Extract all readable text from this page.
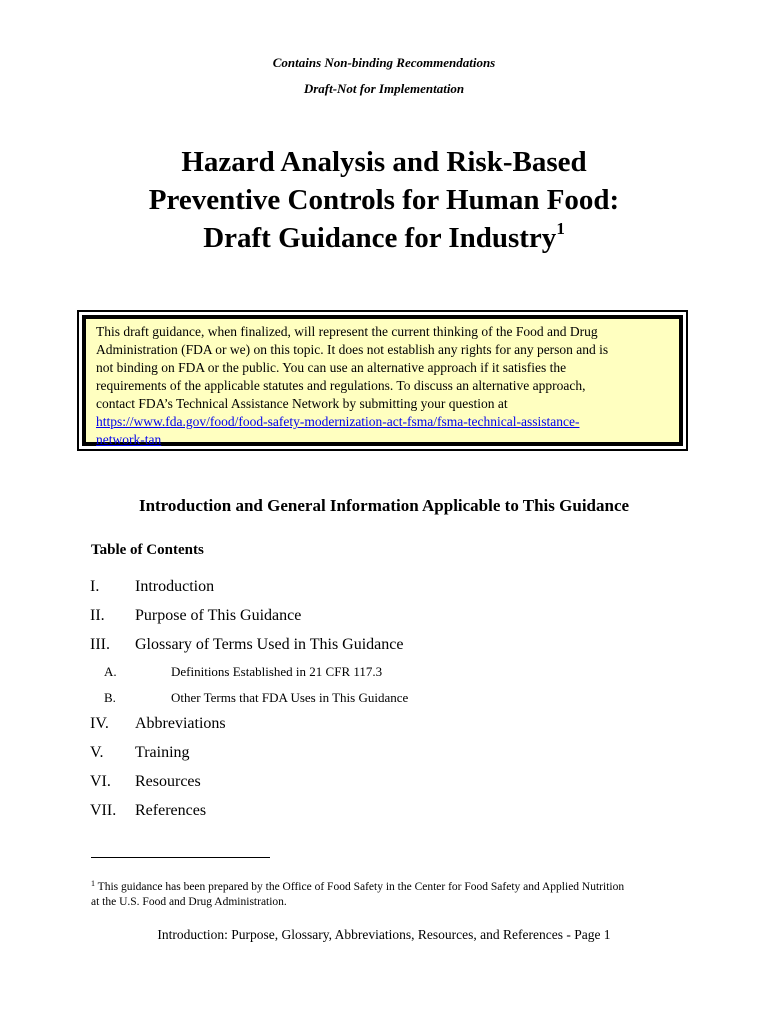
Contains Non-binding Recommendations
Draft-Not for Implementation
Hazard Analysis and Risk-Based
Preventive Controls for Human Food:
Draft Guidance for Industry$^1$
This draft guidance, when finalized, will represent the current thinking of the Food and Drug
Administration (FDA or we) on this topic. It does not establish any rights for any person and is
not binding on FDA or the public. You can use an alternative approach if it satisfies the
requirements of the applicable statutes and regulations. To discuss an alternative approach,
contact FDA’s Technical Assistance Network by submitting your question at
https://www.fda.gov/food/food-safety-modernization-act-fsma/fsma-technical-assistance-
network-tan.
Introduction and General Information Applicable to This Guidance
Table of Contents
I. Introduction
II. Purpose of This Guidance
III. Glossary of Terms Used in This Guidance
A.	Definitions Established in 21 CFR 117.3
B.	Other Terms that FDA Uses in This Guidance
IV. Abbreviations
V. Training
VI. Resources
VII. References
$^1$ This guidance has been prepared by the Office of Food Safety in the Center for Food Safety and Applied Nutrition
at the U.S. Food and Drug Administration.
Introduction: Purpose, Glossary, Abbreviations, Resources, and References - Page 1
